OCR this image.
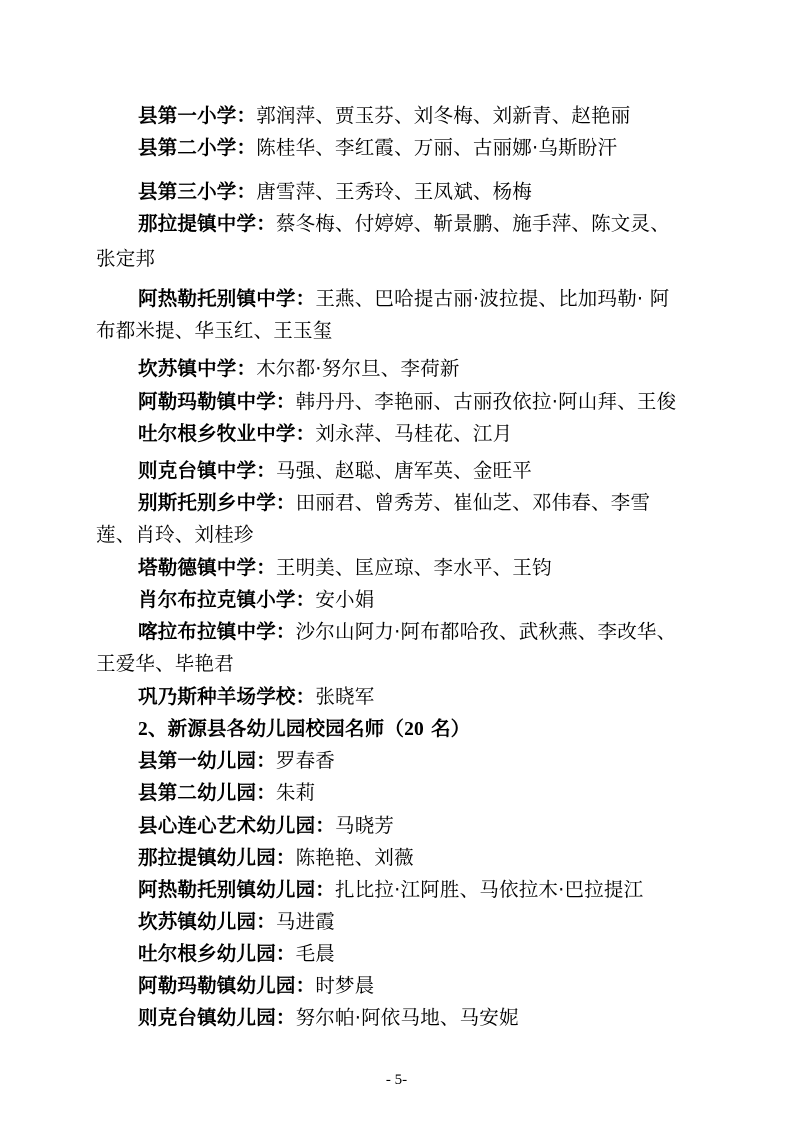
县第一小学：郭润萍、贾玉芬、刘冬梅、刘新青、赵艳丽
县第二小学：陈桂华、李红霞、万丽、古丽娜·乌斯盼汗
县第三小学：唐雪萍、王秀玲、王凤斌、杨梅
那拉提镇中学：蔡冬梅、付婷婷、靳景鹏、施手萍、陈文灵、
张定邦
阿热勒托别镇中学：王燕、巴哈提古丽·波拉提、比加玛勒· 阿
布都米提、华玉红、王玉玺
坎苏镇中学：木尔都·努尔旦、李荷新
阿勒玛勒镇中学：韩丹丹、李艳丽、古丽孜依拉·阿山拜、王俊
吐尔根乡牧业中学：刘永萍、马桂花、江月
则克台镇中学：马强、赵聪、唐军英、金旺平
别斯托别乡中学：田丽君、曾秀芳、崔仙芝、邓伟春、李雪
莲、肖玲、刘桂珍
塔勒德镇中学：王明美、匡应琼、李水平、王钧
肖尔布拉克镇小学：安小娟
喀拉布拉镇中学：沙尔山阿力·阿布都哈孜、武秋燕、李改华、
王爱华、毕艳君
巩乃斯种羊场学校：张晓军
2、新源县各幼儿园校园名师（20 名）
县第一幼儿园：罗春香
县第二幼儿园：朱莉
县心连心艺术幼儿园：马晓芳
那拉提镇幼儿园：陈艳艳、刘薇
阿热勒托别镇幼儿园：扎比拉·江阿胜、马依拉木·巴拉提江
坎苏镇幼儿园：马进霞
吐尔根乡幼儿园：毛晨
阿勒玛勒镇幼儿园：时梦晨
则克台镇幼儿园：努尔帕·阿依马地、马安妮
- 5-
